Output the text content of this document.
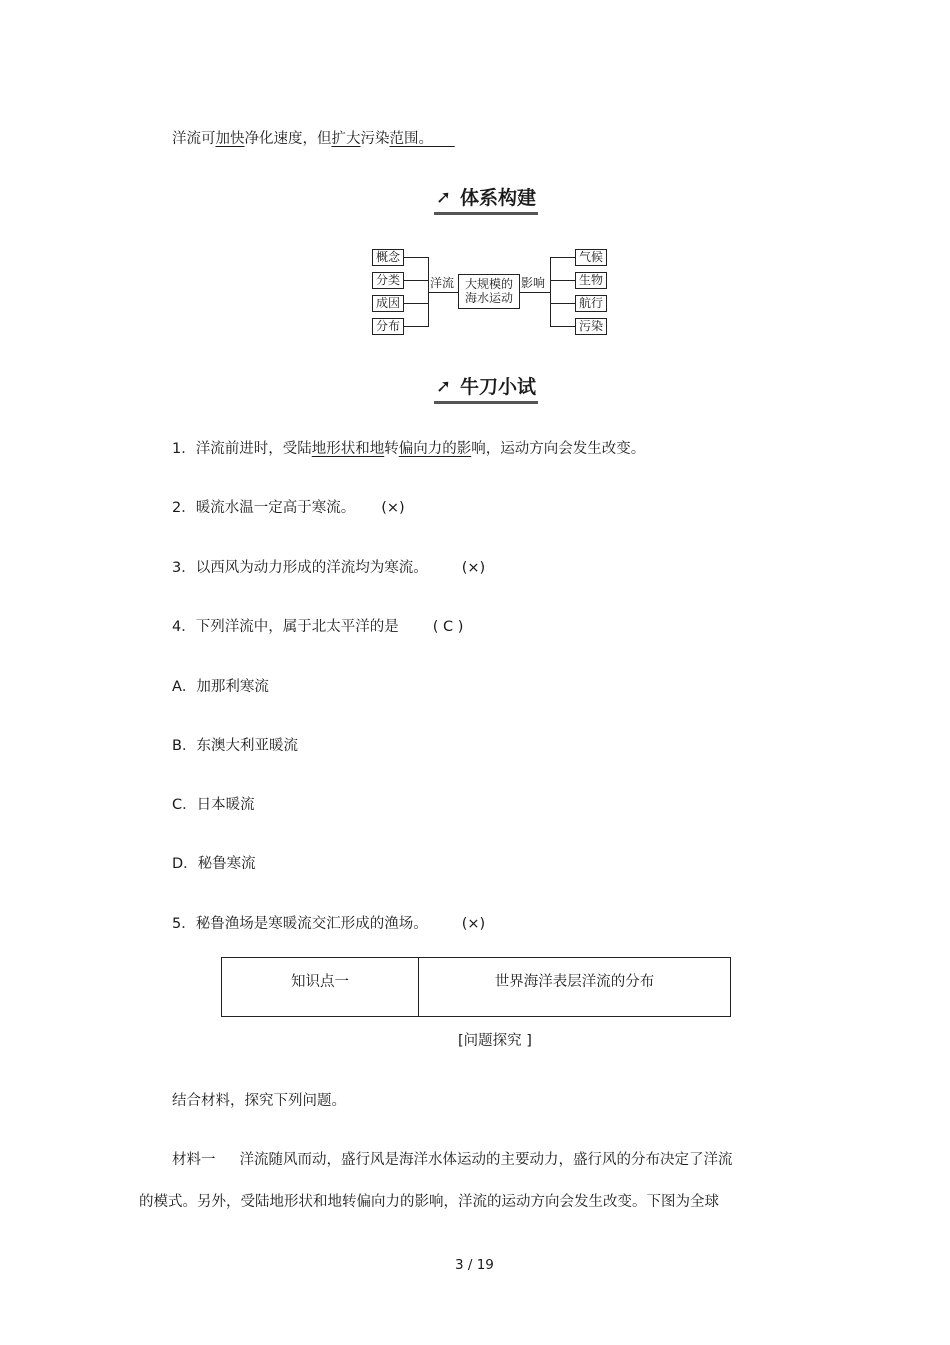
洋流可加快净化速度，但扩大污染范围。   
➚ 体系构建
概念
分类
成因
分布
洋流 大规模的
海水运动
影响
气候
生物
航行
污染
➚ 牛刀小试
1．洋流前进时，受陆地形状和地转偏向力的影响，运动方向会发生改变。
2．暖流水温一定高于寒流。 (×)
3．以西风为动力形成的洋流均为寒流。 (×)
4．下列洋流中，属于北太平洋的是 ( C )
A．加那利寒流
B．东澳大利亚暖流
C．日本暖流
D．秘鲁寒流
5．秘鲁渔场是寒暖流交汇形成的渔场。 (×)
知识点一	世界海洋表层洋流的分布
[问题探究 ]
结合材料，探究下列问题。
材料一 洋流随风而动，盛行风是海洋水体运动的主要动力，盛行风的分布决定了洋流
的模式。另外，受陆地形状和地转偏向力的影响，洋流的运动方向会发生改变。下图为全球
3 / 19
